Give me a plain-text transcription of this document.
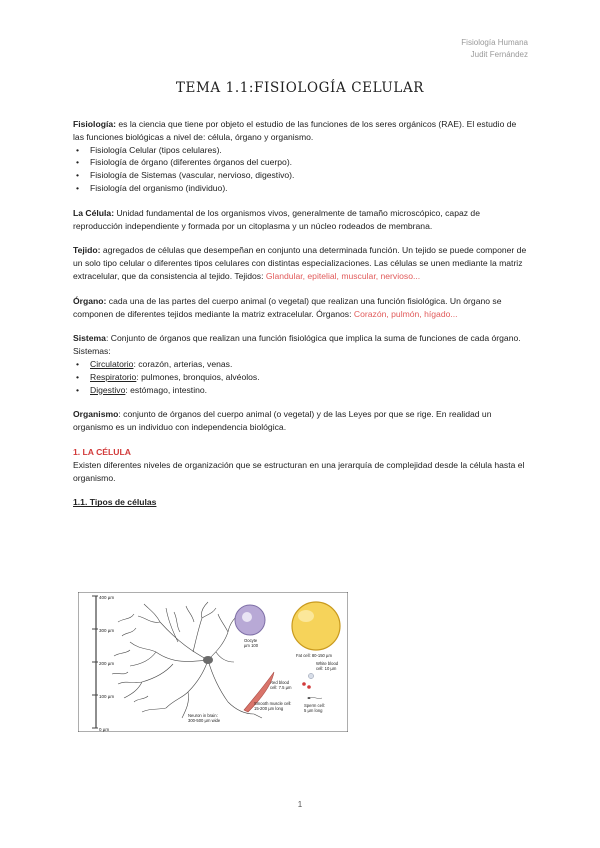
Fisiología Humana
Judit Fernández
TEMA 1.1:FISIOLOGÍA CELULAR

Fisiología: es la ciencia que tiene por objeto el estudio de las funciones de los seres orgánicos (RAE). El estudio de las funciones biológicas a nivel de: célula, órgano y organismo.

• Fisiología Celular (tipos celulares).
• Fisiología de órgano (diferentes órganos del cuerpo).
• Fisiología de Sistemas (vascular, nervioso, digestivo).
• Fisiología del organismo (individuo).

La Célula: Unidad fundamental de los organismos vivos, generalmente de tamaño microscópico, capaz de reproducción independiente y formada por un citoplasma y un núcleo rodeados de membrana.

Tejido: agregados de células que desempeñan en conjunto una determinada función. Un tejido se puede componer de un solo tipo celular o diferentes tipos celulares con distintas especializaciones. Las células se unen mediante la matriz extracelular, que da consistencia al tejido. Tejidos: Glandular, epitelial, muscular, nervioso...

Órgano: cada una de las partes del cuerpo animal (o vegetal) que realizan una función fisiológica. Un órgano se componen de diferentes tejidos mediante la matriz extracelular. Órganos: Corazón, pulmón, hígado...

Sistema: Conjunto de órganos que realizan una función fisiológica que implica la suma de funciones de cada órgano. Sistemas:

• Circulatorio: corazón, arterias, venas.
• Respiratorio: pulmones, bronquios, alvéolos.
• Digestivo: estómago, intestino.

Organismo: conjunto de órganos del cuerpo animal (o vegetal) y de las Leyes por que se rige. En realidad un organismo es un individuo con independencia biológica.

1. LA CÉLULA

Existen diferentes niveles de organización que se estructuran en una jerarquía de complejidad desde la célula hasta el organismo.

1.1. Tipos de células
400 µm
300 µm
200 µm
100 µm
0 µm
Neuron in brain:
300-500 µm wide
Oocyte
µm 100
Fat cell: 80-150 µm
White blood
cell: 10 µm
Red blood
cell: 7.5 µm
Smooth muscle cell:
15-200 µm long
Sperm cell:
5 µm long
1
